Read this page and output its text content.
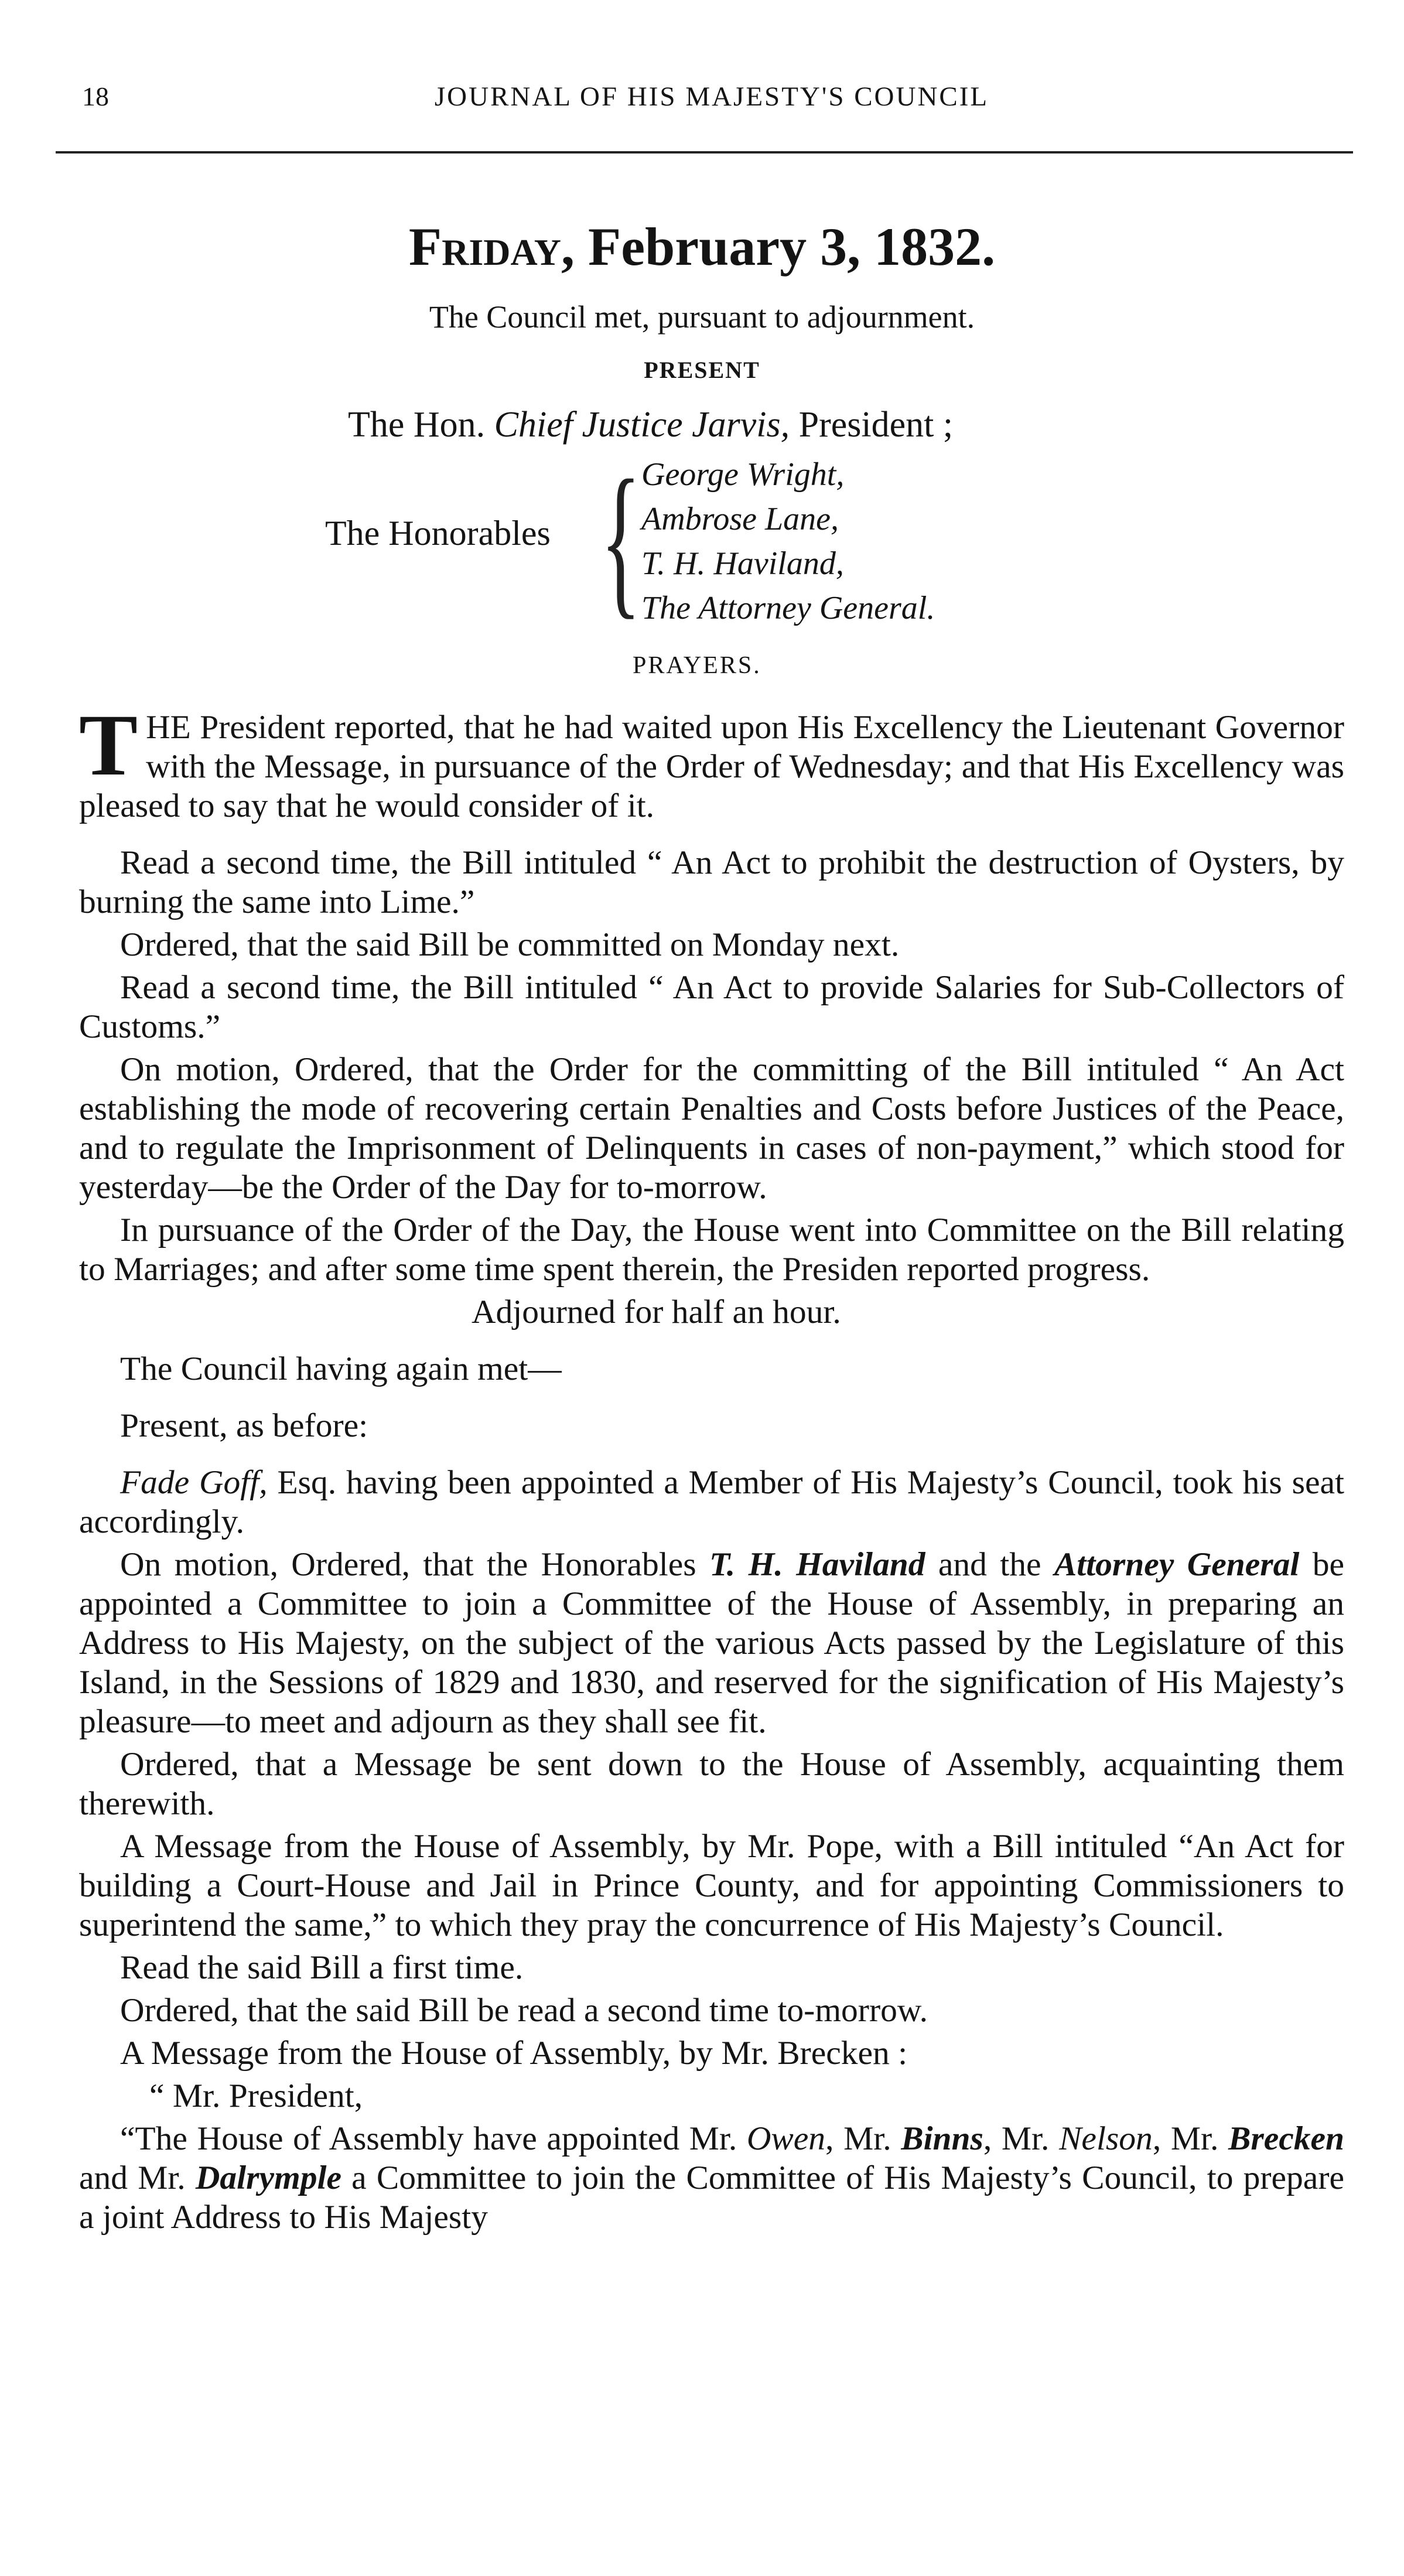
18	JOURNAL OF HIS MAJESTY'S COUNCIL
Friday, February 3, 1832.
The Council met, pursuant to adjournment.
PRESENT
The Hon. Chief Justice Jarvis, President ;
The Honorables { George Wright,
Ambrose Lane,
T. H. Haviland,
The Attorney General.
PRAYERS.

THE President reported, that he had waited upon His Excellency the Lieutenant Governor with the Message, in pursuance of the Order of Wednesday; and that His Excellency was pleased to say that he would consider of it.

Read a second time, the Bill intituled “ An Act to prohibit the destruction of Oysters, by burning the same into Lime.”

Ordered, that the said Bill be committed on Monday next.

Read a second time, the Bill intituled “ An Act to provide Salaries for Sub-Collectors of Customs.”

On motion, Ordered, that the Order for the committing of the Bill intituled “ An Act establishing the mode of recovering certain Penalties and Costs before Justices of the Peace, and to regulate the Imprisonment of Delinquents in cases of non-payment,” which stood for yesterday—be the Order of the Day for to-morrow.

In pursuance of the Order of the Day, the House went into Committee on the Bill relating to Marriages; and after some time spent therein, the Presiden reported progress.

Adjourned for half an hour.

The Council having again met—

Present, as before:

Fade Goff, Esq. having been appointed a Member of His Majesty’s Council, took his seat accordingly.

On motion, Ordered, that the Honorables T. H. Haviland and the Attorney General be appointed a Committee to join a Committee of the House of Assembly, in preparing an Address to His Majesty, on the subject of the various Acts passed by the Legislature of this Island, in the Sessions of 1829 and 1830, and reserved for the signification of His Majesty’s pleasure—to meet and adjourn as they shall see fit.

Ordered, that a Message be sent down to the House of Assembly, acquainting them therewith.

A Message from the House of Assembly, by Mr. Pope, with a Bill intituled “An Act for building a Court-House and Jail in Prince County, and for appointing Commissioners to superintend the same,” to which they pray the concurrence of His Majesty’s Council.

Read the said Bill a first time.

Ordered, that the said Bill be read a second time to-morrow.

A Message from the House of Assembly, by Mr. Brecken :

“ Mr. President,

“The House of Assembly have appointed Mr. Owen, Mr. Binns, Mr. Nelson, Mr. Brecken and Mr. Dalrymple a Committee to join the Committee of His Majesty’s Council, to prepare a joint Address to His Majesty
